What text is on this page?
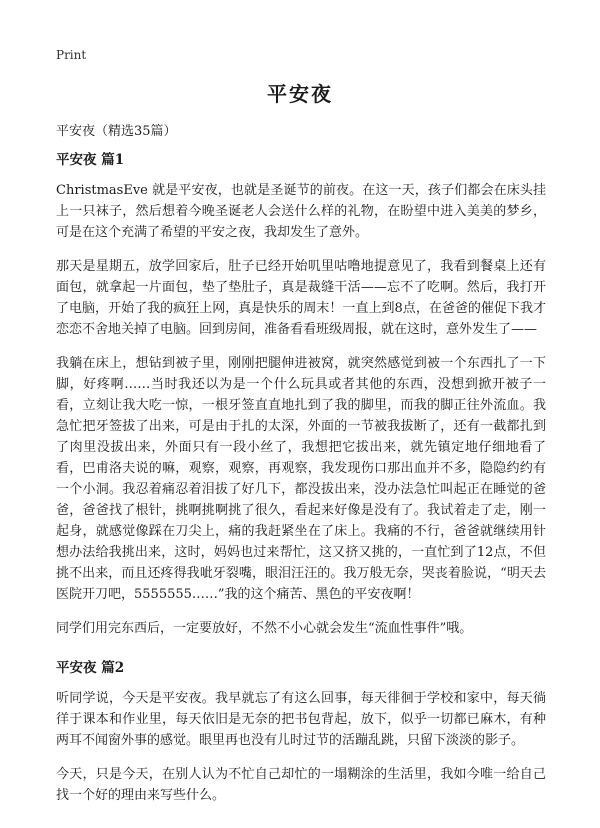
Print
平安夜
平安夜（精选35篇）
平安夜 篇1

ChristmasEve 就是平安夜，也就是圣诞节的前夜。在这一天，孩子们都会在床头挂上一只袜子，然后想着今晚圣诞老人会送什么样的礼物，在盼望中进入美美的梦乡，可是在这个充满了希望的平安之夜，我却发生了意外。

那天是星期五，放学回家后，肚子已经开始叽里咕噜地提意见了，我看到餐桌上还有面包，就拿起一片面包，垫了垫肚子，真是裁缝干活——忘不了吃啊。然后，我打开了电脑，开始了我的疯狂上网，真是快乐的周末！一直上到8点，在爸爸的催促下我才恋恋不舍地关掉了电脑。回到房间，准备看看班级周报，就在这时，意外发生了——

我躺在床上，想钻到被子里，刚刚把腿伸进被窝，就突然感觉到被一个东西扎了一下脚，好疼啊……当时我还以为是一个什么玩具或者其他的东西，没想到掀开被子一看，立刻让我大吃一惊，一根牙签直直地扎到了我的脚里，而我的脚正往外流血。我急忙把牙签拔了出来，可是由于扎的太深，外面的一节被我拔断了，还有一截都扎到了肉里没拔出来，外面只有一段小丝了，我想把它拔出来，就先镇定地仔细地看了看，巴甫洛夫说的嘛，观察，观察，再观察，我发现伤口那出血并不多，隐隐约约有一个小洞。我忍着痛忍着泪拔了好几下，都没拔出来，没办法急忙叫起正在睡觉的爸爸，爸爸找了根针，挑啊挑啊挑了很久，看起来好像是没有了。我试着走了走，刚一起身，就感觉像踩在刀尖上，痛的我赶紧坐在了床上。我痛的不行，爸爸就继续用针想办法给我挑出来，这时，妈妈也过来帮忙，这又挤又挑的，一直忙到了12点，不但挑不出来，而且还疼得我呲牙裂嘴，眼泪汪汪的。我万般无奈，哭丧着脸说，“明天去医院开刀吧，5555555……”我的这个痛苦、黑色的平安夜啊！

同学们用完东西后，一定要放好，不然不小心就会发生“流血性事件”哦。

平安夜 篇2

听同学说，今天是平安夜。我早就忘了有这么回事，每天徘徊于学校和家中，每天徜徉于课本和作业里，每天依旧是无奈的把书包背起，放下，似乎一切都已麻木，有种两耳不闻窗外事的感觉。眼里再也没有儿时过节的活蹦乱跳，只留下淡淡的影子。

今天，只是今天，在别人认为不忙自己却忙的一塌糊涂的生活里，我如今唯一给自己找一个好的理由来写些什么。
